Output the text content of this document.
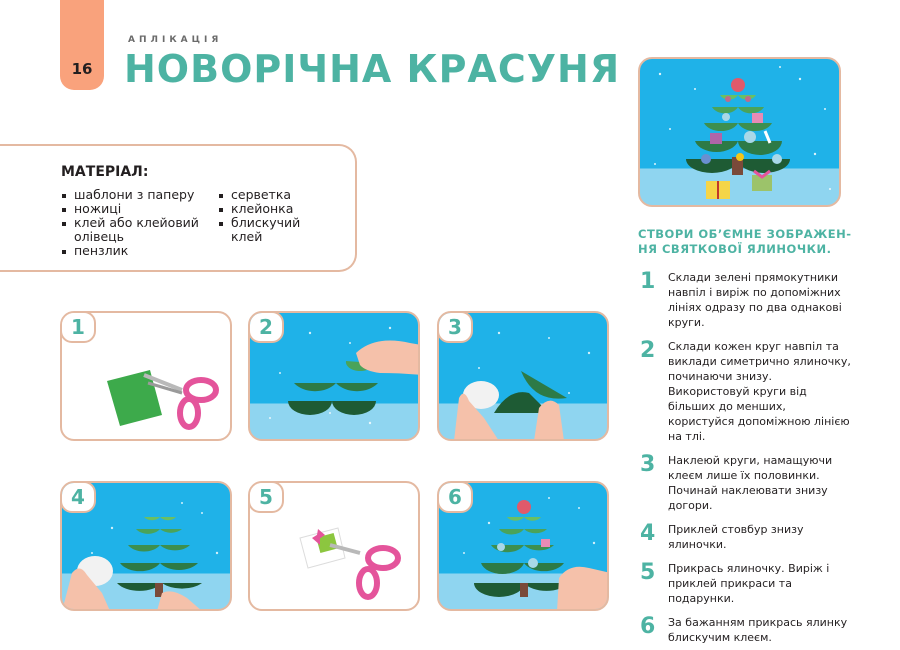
16
АПЛІКАЦІЯ
НОВОРІЧНА КРАСУНЯ
МАТЕРІАЛ:
шаблони з паперу
ножиці
клей або клейовий олівець
пензлик
серветка
клейонка
блискучий клей
1	2	3
4	5	6
СТВОРИ ОБ’ЄМНЕ ЗОБРАЖЕН-НЯ СВЯТКОВОЇ ЯЛИНОЧКИ.
1 Склади зелені прямокутники навпіл і виріж по допоміжних лініях одразу по два однакові круги.
2 Склади кожен круг навпіл та виклади симетрично ялиночку, починаючи знизу. Використовуй круги від більших до менших, користуйся допоміжною лінією на тлі.
3 Наклеюй круги, намащуючи клеєм лише їх половинки. Починай наклеювати знизу догори.
4 Приклей стовбур знизу ялиночки.
5 Прикрась ялиночку. Виріж і приклей прикраси та подарунки.
6 За бажанням прикрась ялинку блискучим клеєм.
